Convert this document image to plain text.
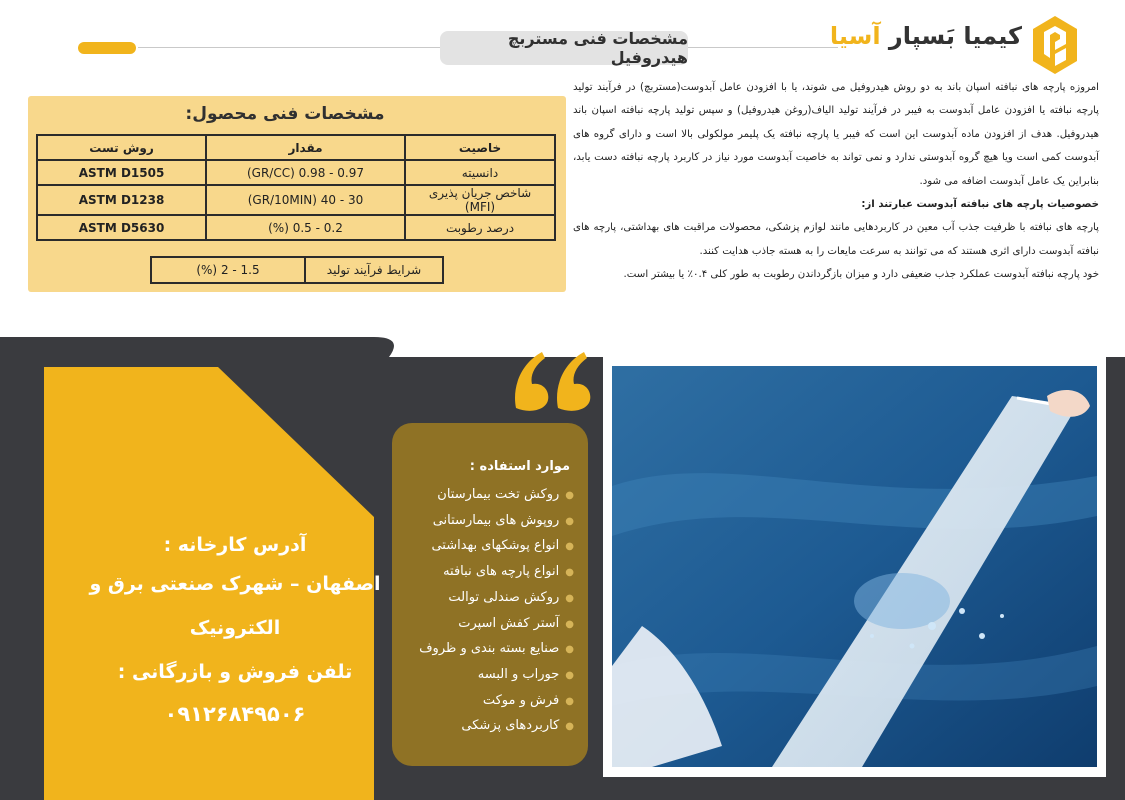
مشخصات فنی مستربچ هیدروفیل
کیمیا بَسپار آسیا

امروزه پارچه های نبافته اسپان باند به دو روش هیدروفیل می شوند، یا با افزودن عامل آبدوست(مستربچ) در فرآیند تولید پارچه نبافته یا افزودن عامل آبدوست به فیبر در فرآیند تولید الیاف(روغن هیدروفیل) و سپس تولید پارچه نبافته اسپان باند هیدروفیل. هدف از افزودن ماده آبدوست این است که فیبر یا پارچه نبافته یک پلیمر مولکولی بالا است و دارای گروه های آبدوست کمی است ویا هیچ گروه آبدوستی ندارد و نمی تواند به خاصیت آبدوست مورد نیاز در کاربرد پارچه نبافته دست یابد، بنابراین یک عامل آبدوست اضافه می شود.

خصوصیات پارچه های نبافته آبدوست عبارتند از:

پارچه های نبافته با ظرفیت جذب آب معین در کاربردهایی مانند لوازم پزشکی، محصولات مراقبت های بهداشتی، پارچه های نبافته آبدوست دارای اثری هستند که می توانند به سرعت مایعات را به هسته جاذب هدایت کنند.

خود پارچه نبافته آبدوست عملکرد جذب ضعیفی دارد و میزان بازگرداندن رطوبت به طور کلی ۰.۴٪ یا بیشتر است.

مشخصات فنی محصول:
روش تست	مقدار	خاصیت
ASTM D1505	0.97 - 0.98 (GR/CC)	دانسیته
ASTM D1238	30 - 40 (GR/10MIN)	شاخص جریان پذیری (MFI)
ASTM D5630	0.2 - 0.5 (%)	درصد رطوبت
1.5 - 2 (%)	شرایط فرآیند تولید
آدرس کارخانه :
اصفهان – شهرک صنعتی برق و الکترونیک
تلفن فروش و بازرگانی :
۰۹۱۲۶۸۴۹۵۰۶
موارد استفاده :
●روکش تخت بیمارستان
●روپوش های بیمارستانی
●انواع پوشکهای بهداشتی
●انواع پارچه های نبافته
●روکش صندلی توالت
●آستر کفش اسپرت
●صنایع بسته بندی و ظروف
●جوراب و البسه
●فرش و موکت
●کاربردهای پزشکی
